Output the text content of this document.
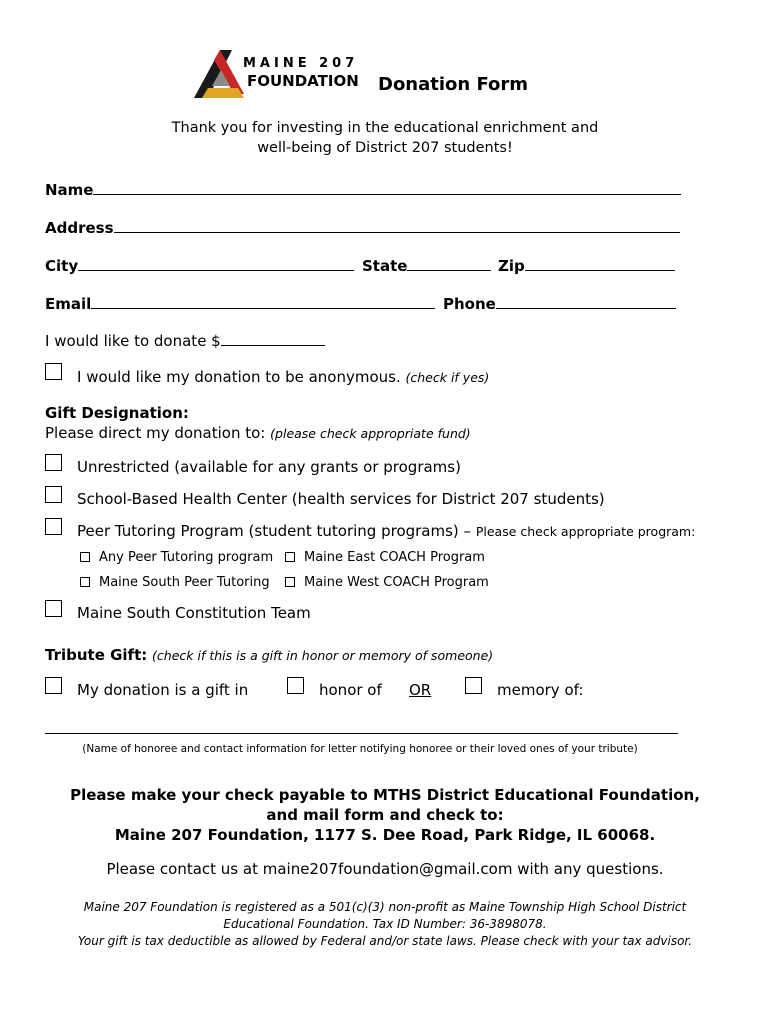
MAINE 207
FOUNDATION Donation Form
Thank you for investing in the educational enrichment and
well-being of District 207 students!
Name
Address
City	State	Zip
Email	Phone
I would like to donate $
I would like my donation to be anonymous. (check if yes)
Gift Designation:
Please direct my donation to: (please check appropriate fund)
Unrestricted (available for any grants or programs)
School-Based Health Center (health services for District 207 students)
Peer Tutoring Program (student tutoring programs) – Please check appropriate program:
Any Peer Tutoring program	Maine East COACH Program
Maine South Peer Tutoring	Maine West COACH Program
Maine South Constitution Team
Tribute Gift: (check if this is a gift in honor or memory of someone)
My donation is a gift in	honor of OR	memory of:
(Name of honoree and contact information for letter notifying honoree or their loved ones of your tribute)
Please make your check payable to MTHS District Educational Foundation,
and mail form and check to:
Maine 207 Foundation, 1177 S. Dee Road, Park Ridge, IL 60068.
Please contact us at maine207foundation@gmail.com with any questions.
Maine 207 Foundation is registered as a 501(c)(3) non-profit as Maine Township High School District
Educational Foundation. Tax ID Number: 36-3898078.
Your gift is tax deductible as allowed by Federal and/or state laws. Please check with your tax advisor.
